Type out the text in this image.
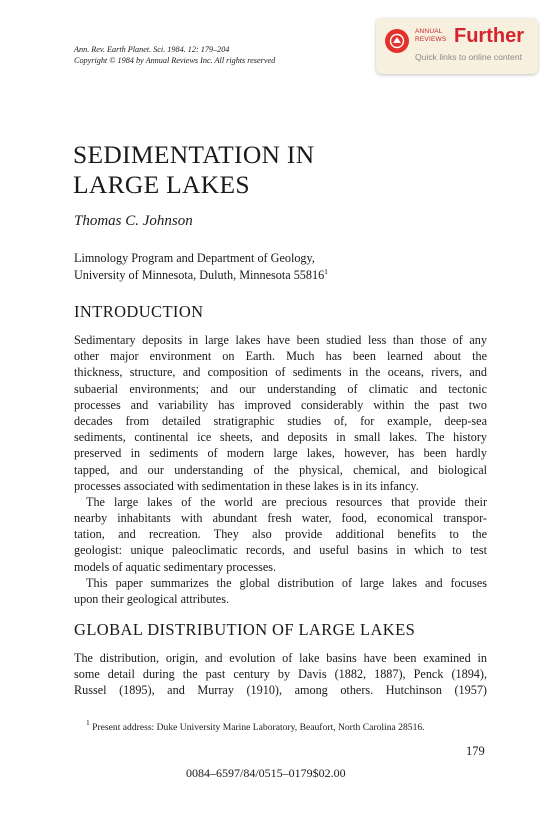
Ann. Rev. Earth Planet. Sci. 1984. 12: 179–204
Copyright © 1984 by Annual Reviews Inc. All rights reserved
ANNUAL
REVIEWS Further
Quick links to online content
SEDIMENTATION IN
LARGE LAKES
Thomas C. Johnson
Limnology Program and Department of Geology,
University of Minnesota, Duluth, Minnesota 55816$^1$
INTRODUCTION
Sedimentary deposits in large lakes have been studied less than those of any
other major environment on Earth. Much has been learned about the
thickness, structure, and composition of sediments in the oceans, rivers, and
subaerial environments; and our understanding of climatic and tectonic
processes and variability has improved considerably within the past two
decades from detailed stratigraphic studies of, for example, deep-sea
sediments, continental ice sheets, and deposits in small lakes. The history
preserved in sediments of modern large lakes, however, has been hardly
tapped, and our understanding of the physical, chemical, and biological
processes associated with sedimentation in these lakes is in its infancy.
The large lakes of the world are precious resources that provide their
nearby inhabitants with abundant fresh water, food, economical transpor-
tation, and recreation. They also provide additional benefits to the
geologist: unique paleoclimatic records, and useful basins in which to test
models of aquatic sedimentary processes.
This paper summarizes the global distribution of large lakes and focuses
upon their geological attributes.
GLOBAL DISTRIBUTION OF LARGE LAKES
The distribution, origin, and evolution of lake basins have been examined in
some detail during the past century by Davis (1882, 1887), Penck (1894),
Russel (1895), and Murray (1910), among others. Hutchinson (1957)
$^1$ Present address: Duke University Marine Laboratory, Beaufort, North Carolina 28516.
179
0084–6597/84/0515–0179$02.00
